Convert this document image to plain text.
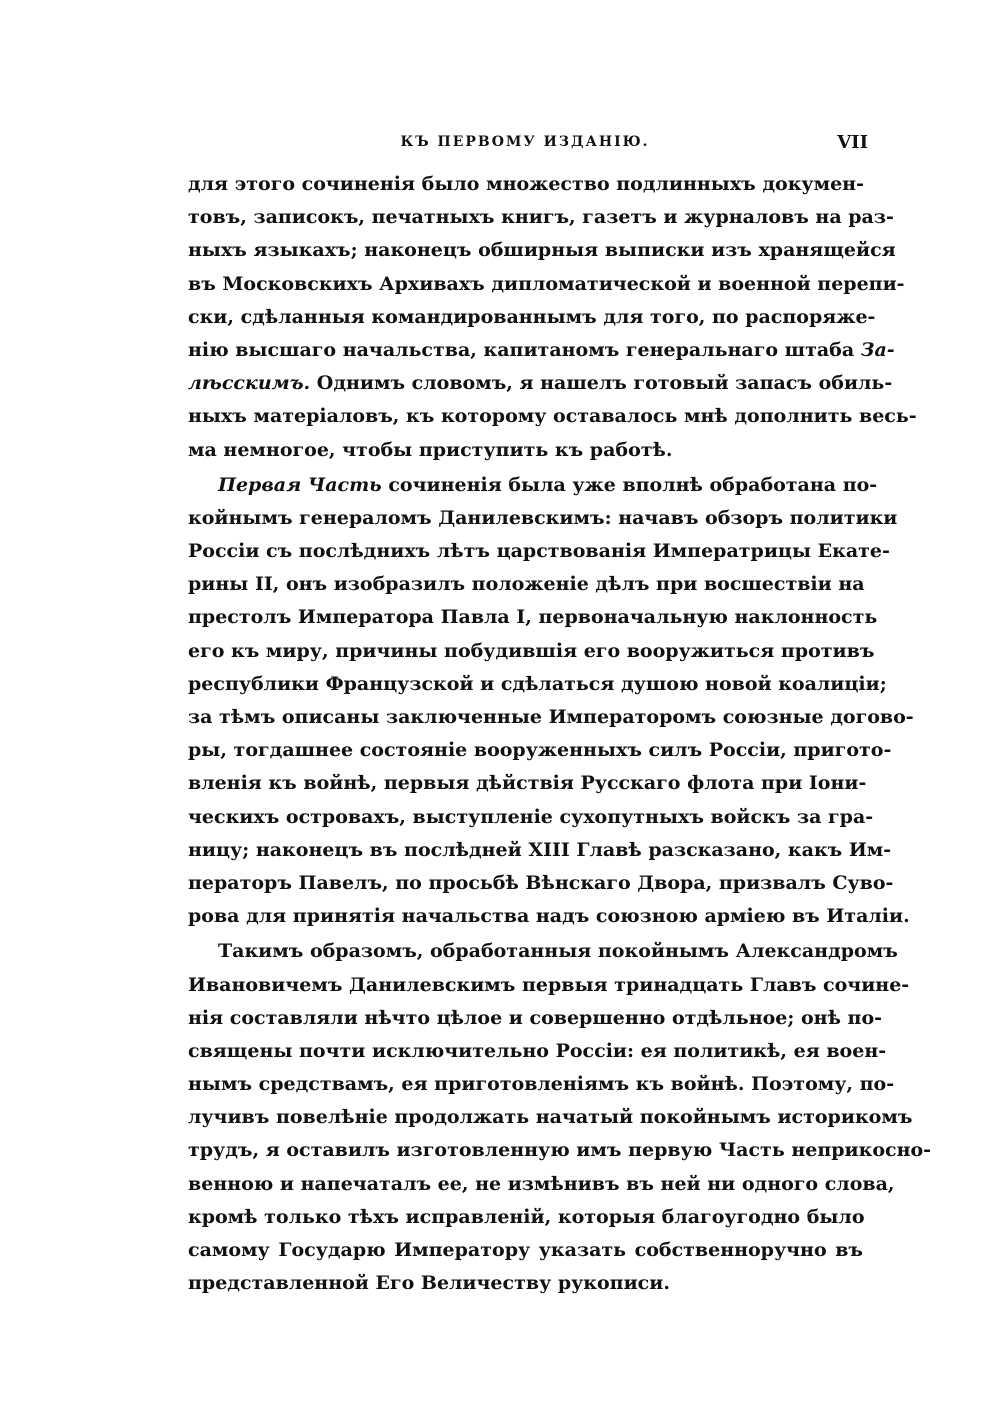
КЪ ПЕРВОМУ ИЗДАНІЮ.	VII
для этого сочиненія было множество подлинныхъ докумен-
товъ, записокъ, печатныхъ книгъ, газетъ и журналовъ на раз-
ныхъ языкахъ; наконецъ обширныя выписки изъ хранящейся
въ Московскихъ Архивахъ дипломатической и военной перепи-
ски, сдѣланныя командированнымъ для того, по распоряже-
нію высшаго начальства, капитаномъ генеральнаго штаба За-
лѣсскимъ. Однимъ словомъ, я нашелъ готовый запасъ обиль-
ныхъ матеріаловъ, къ которому оставалось мнѣ дополнить весь-
ма немногое, чтобы приступить къ работѣ.
Первая Часть сочиненія была уже вполнѣ обработана по-
койнымъ генераломъ Данилевскимъ: начавъ обзоръ политики
Россіи съ послѣднихъ лѣтъ царствованія Императрицы Екате-
рины II, онъ изобразилъ положеніе дѣлъ при восшествіи на
престолъ Императора Павла I, первоначальную наклонность
его къ миру, причины побудившія его вооружиться противъ
республики Французской и сдѣлаться душою новой коалиціи;
за тѣмъ описаны заключенные Императоромъ союзные догово-
ры, тогдашнее состояніе вооруженныхъ силъ Россіи, пригото-
вленія къ войнѣ, первыя дѣйствія Русскаго флота при Іони-
ческихъ островахъ, выступленіе сухопутныхъ войскъ за гра-
ницу; наконецъ въ послѣдней XIII Главѣ разсказано, какъ Им-
ператоръ Павелъ, по просьбѣ Вѣнскаго Двора, призвалъ Суво-
рова для принятія начальства надъ союзною арміею въ Италіи.
Такимъ образомъ, обработанныя покойнымъ Александромъ
Ивановичемъ Данилевскимъ первыя тринадцать Главъ сочине-
нія составляли нѣчто цѣлое и совершенно отдѣльное; онѣ по-
священы почти исключительно Россіи: ея политикѣ, ея воен-
нымъ средствамъ, ея приготовленіямъ къ войнѣ. Поэтому, по-
лучивъ повелѣніе продолжать начатый покойнымъ историкомъ
трудъ, я оставилъ изготовленную имъ первую Часть неприкосно-
венною и напечаталъ ее, не измѣнивъ въ ней ни одного слова,
кромѣ только тѣхъ исправленій, которыя благоугодно было
самому Государю Императору указать собственноручно въ
представленной Его Величеству рукописи.
